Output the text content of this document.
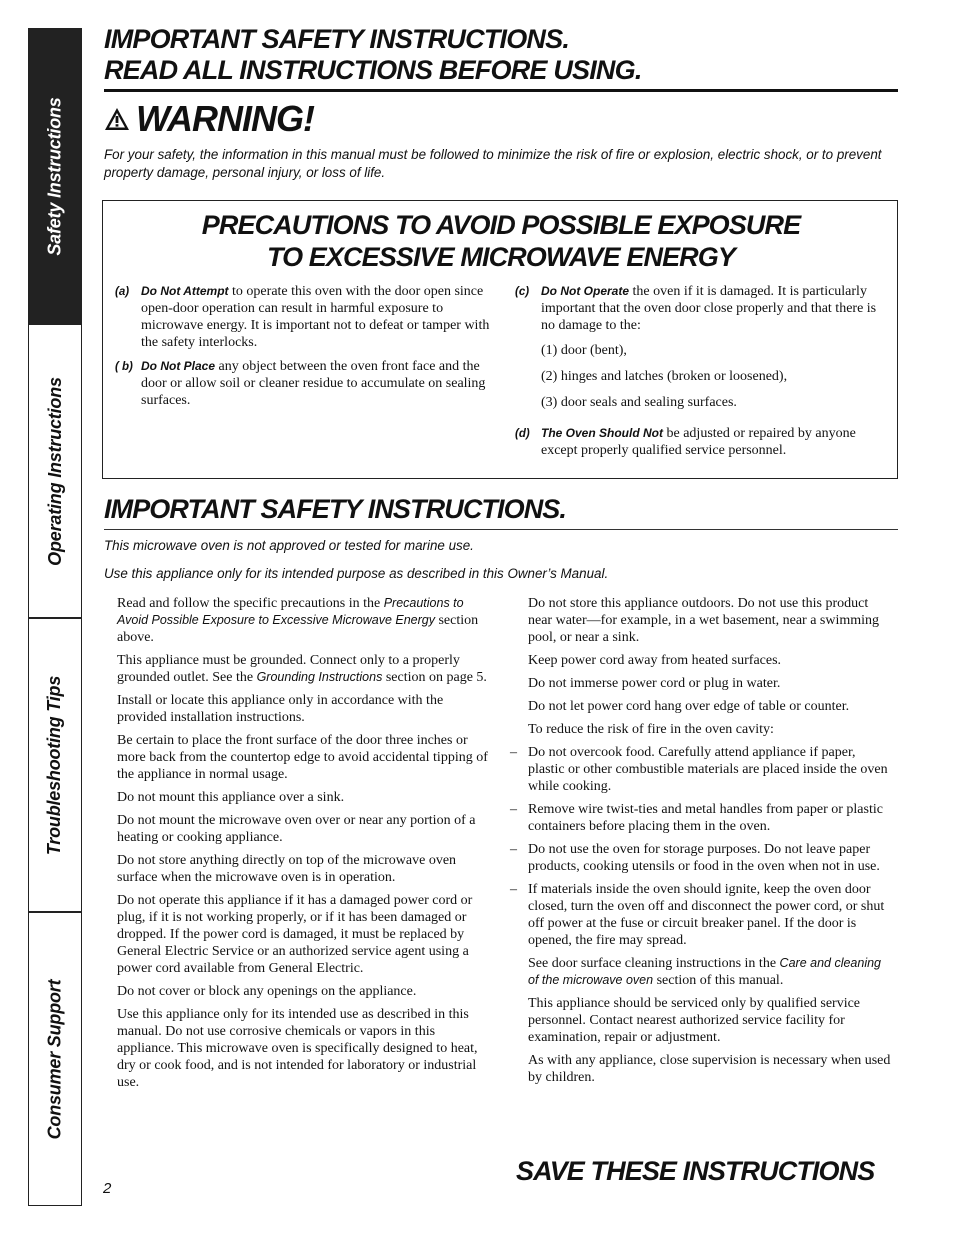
Safety Instructions
Operating Instructions
Troubleshooting Tips
Consumer Support
IMPORTANT SAFETY INSTRUCTIONS.
READ ALL INSTRUCTIONS BEFORE USING.
WARNING!
For your safety, the information in this manual must be followed to minimize the risk of fire or explosion, electric shock, or to prevent property damage, personal injury, or loss of life.
PRECAUTIONS TO AVOID POSSIBLE EXPOSURE
TO EXCESSIVE MICROWAVE ENERGY
(a) Do Not Attempt to operate this oven with the door open since open-door operation can result in harmful exposure to microwave energy. It is important not to defeat or tamper with the safety interlocks.
( b) Do Not Place any object between the oven front face and the door or allow soil or cleaner residue to accumulate on sealing surfaces.
(c) Do Not Operate the oven if it is damaged. It is particularly important that the oven door close properly and that there is no damage to the:
(1) door (bent),
(2) hinges and latches (broken or loosened),
(3) door seals and sealing surfaces.
(d) The Oven Should Not be adjusted or repaired by anyone except properly qualified service personnel.
IMPORTANT SAFETY INSTRUCTIONS.
This microwave oven is not approved or tested for marine use.
Use this appliance only for its intended purpose as described in this Owner’s Manual.

Read and follow the specific precautions in the Precautions to Avoid Possible Exposure to Excessive Microwave Energy section above.

This appliance must be grounded. Connect only to a properly grounded outlet. See the Grounding Instructions section on page 5.

Install or locate this appliance only in accordance with the provided installation instructions.

Be certain to place the front surface of the door three inches or more back from the countertop edge to avoid accidental tipping of the appliance in normal usage.

Do not mount this appliance over a sink.

Do not mount the microwave oven over or near any portion of a heating or cooking appliance.

Do not store anything directly on top of the microwave oven surface when the microwave oven is in operation.

Do not operate this appliance if it has a damaged power cord or plug, if it is not working properly, or if it has been damaged or dropped. If the power cord is damaged, it must be replaced by General Electric Service or an authorized service agent using a power cord available from General Electric.

Do not cover or block any openings on the appliance.

Use this appliance only for its intended use as described in this manual. Do not use corrosive chemicals or vapors in this appliance. This microwave oven is specifically designed to heat, dry or cook food, and is not intended for laboratory or industrial use.

Do not store this appliance outdoors. Do not use this product near water—for example, in a wet basement, near a swimming pool, or near a sink.

Keep power cord away from heated surfaces.

Do not immerse power cord or plug in water.

Do not let power cord hang over edge of table or counter.

To reduce the risk of fire in the oven cavity:

– Do not overcook food. Carefully attend appliance if paper, plastic or other combustible materials are placed inside the oven while cooking.

– Remove wire twist-ties and metal handles from paper or plastic containers before placing them in the oven.

– Do not use the oven for storage purposes. Do not leave paper products, cooking utensils or food in the oven when not in use.

– If materials inside the oven should ignite, keep the oven door closed, turn the oven off and disconnect the power cord, or shut off power at the fuse or circuit breaker panel. If the door is opened, the fire may spread.

See door surface cleaning instructions in the Care and cleaning of the microwave oven section of this manual.

This appliance should be serviced only by qualified service personnel. Contact nearest authorized service facility for examination, repair or adjustment.

As with any appliance, close supervision is necessary when used by children.

SAVE THESE INSTRUCTIONS
2
